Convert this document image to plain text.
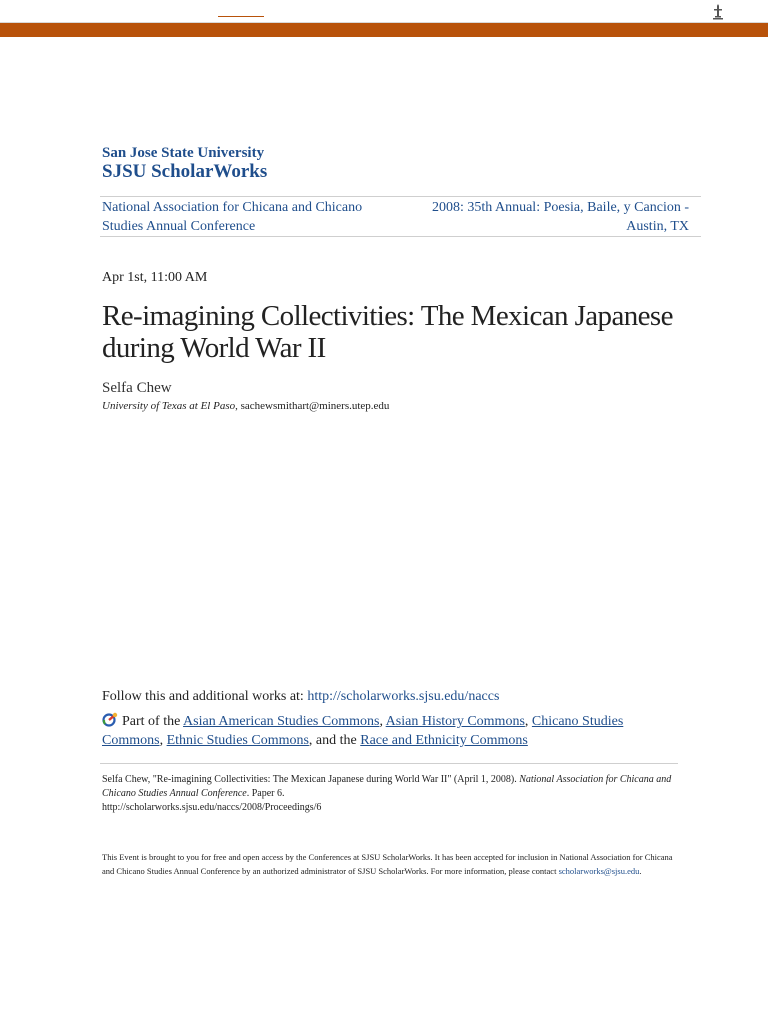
San Jose State University
SJSU ScholarWorks
National Association for Chicana and Chicano Studies Annual Conference
2008: 35th Annual: Poesia, Baile, y Cancion - Austin, TX
Apr 1st, 11:00 AM
Re-imagining Collectivities: The Mexican Japanese during World War II
Selfa Chew
University of Texas at El Paso, sachewsmithart@miners.utep.edu
Follow this and additional works at: http://scholarworks.sjsu.edu/naccs
Part of the Asian American Studies Commons, Asian History Commons, Chicano Studies Commons, Ethnic Studies Commons, and the Race and Ethnicity Commons
Selfa Chew, "Re-imagining Collectivities: The Mexican Japanese during World War II" (April 1, 2008). National Association for Chicana and Chicano Studies Annual Conference. Paper 6.
http://scholarworks.sjsu.edu/naccs/2008/Proceedings/6
This Event is brought to you for free and open access by the Conferences at SJSU ScholarWorks. It has been accepted for inclusion in National Association for Chicana and Chicano Studies Annual Conference by an authorized administrator of SJSU ScholarWorks. For more information, please contact scholarworks@sjsu.edu.
